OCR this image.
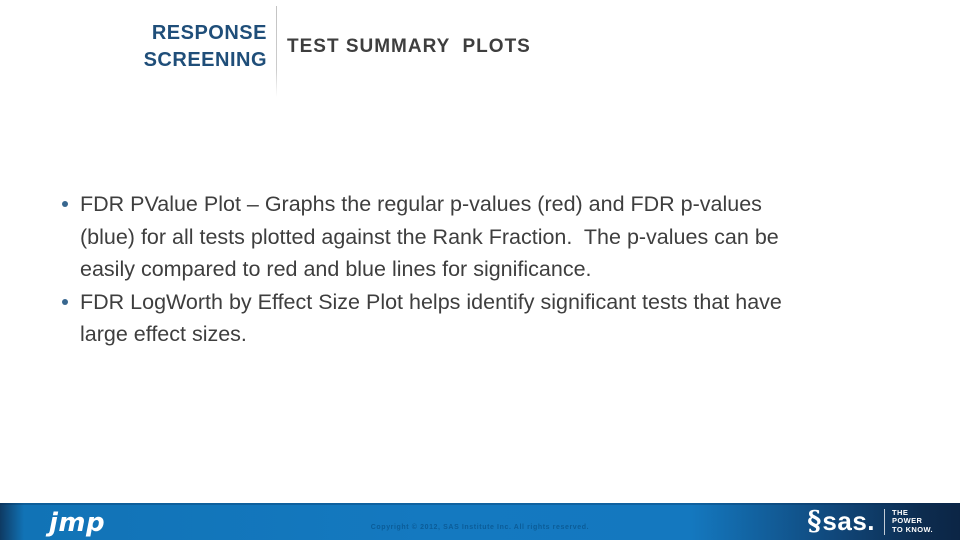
RESPONSE
SCREENING
TEST SUMMARY  PLOTS
FDR PValue Plot – Graphs the regular p-values (red) and FDR p-values
(blue) for all tests plotted against the Rank Fraction.  The p-values can be
easily compared to red and blue lines for significance.
FDR LogWorth by Effect Size Plot helps identify significant tests that have
large effect sizes.
Copyright © 2012, SAS Institute Inc. All rights reserved.	§ sas. THE
POWER
TO KNOW.
jmp
